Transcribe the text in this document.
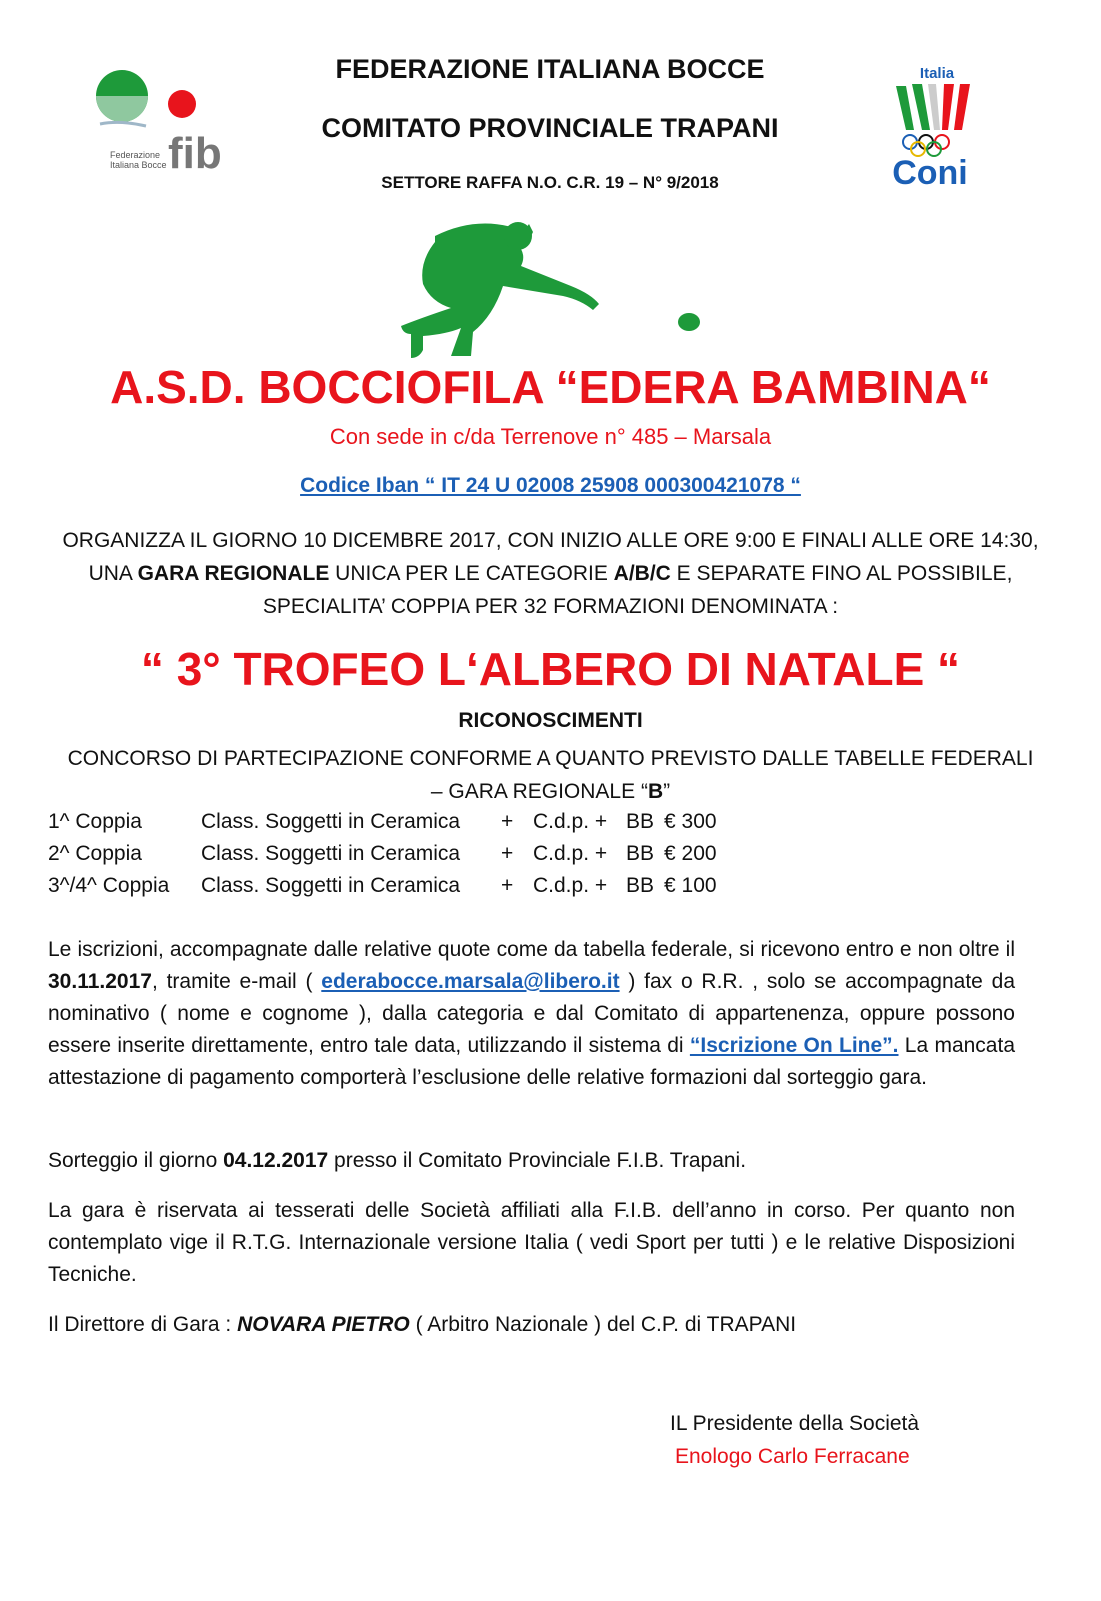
fib
Federazione
Italiana Bocce
FEDERAZIONE ITALIANA BOCCE
COMITATO PROVINCIALE TRAPANI
SETTORE RAFFA N.O. C.R. 19 – N° 9/2018
Italia
Coni
A.S.D. BOCCIOFILA “EDERA BAMBINA“
Con sede in c/da Terrenove n° 485 – Marsala
Codice Iban “ IT 24 U 02008 25908 000300421078 “
ORGANIZZA IL GIORNO 10 DICEMBRE 2017, CON INIZIO ALLE ORE 9:00 E FINALI ALLE ORE 14:30, UNA GARA REGIONALE UNICA PER LE CATEGORIE A/B/C E SEPARATE FINO AL POSSIBILE, SPECIALITA’ COPPIA PER 32 FORMAZIONI DENOMINATA :
“ 3° TROFEO L‘ALBERO DI NATALE “
RICONOSCIMENTI
CONCORSO DI PARTECIPAZIONE CONFORME A QUANTO PREVISTO DALLE TABELLE FEDERALI – GARA REGIONALE “B”
1^ Coppia	Class. Soggetti in Ceramica + C.d.p. + BB € 300
2^ Coppia	Class. Soggetti in Ceramica + C.d.p. + BB € 200
3^/4^ Coppia Class. Soggetti in Ceramica + C.d.p. + BB € 100
Le iscrizioni, accompagnate dalle relative quote come da tabella federale, si ricevono entro e non oltre il 30.11.2017, tramite e-mail ( ederabocce.marsala@libero.it ) fax o R.R. , solo se accompagnate da nominativo ( nome e cognome ), dalla categoria e dal Comitato di appartenenza, oppure possono essere inserite direttamente, entro tale data, utilizzando il sistema di “Iscrizione On Line”. La mancata attestazione di pagamento comporterà l’esclusione delle relative formazioni dal sorteggio gara.
Sorteggio il giorno 04.12.2017 presso il Comitato Provinciale F.I.B. Trapani.
La gara è riservata ai tesserati delle Società affiliati alla F.I.B. dell’anno in corso. Per quanto non contemplato vige il R.T.G. Internazionale versione Italia ( vedi Sport per tutti ) e le relative Disposizioni Tecniche.
Il Direttore di Gara : NOVARA PIETRO ( Arbitro Nazionale ) del C.P. di TRAPANI
IL Presidente della Società
Enologo Carlo Ferracane
